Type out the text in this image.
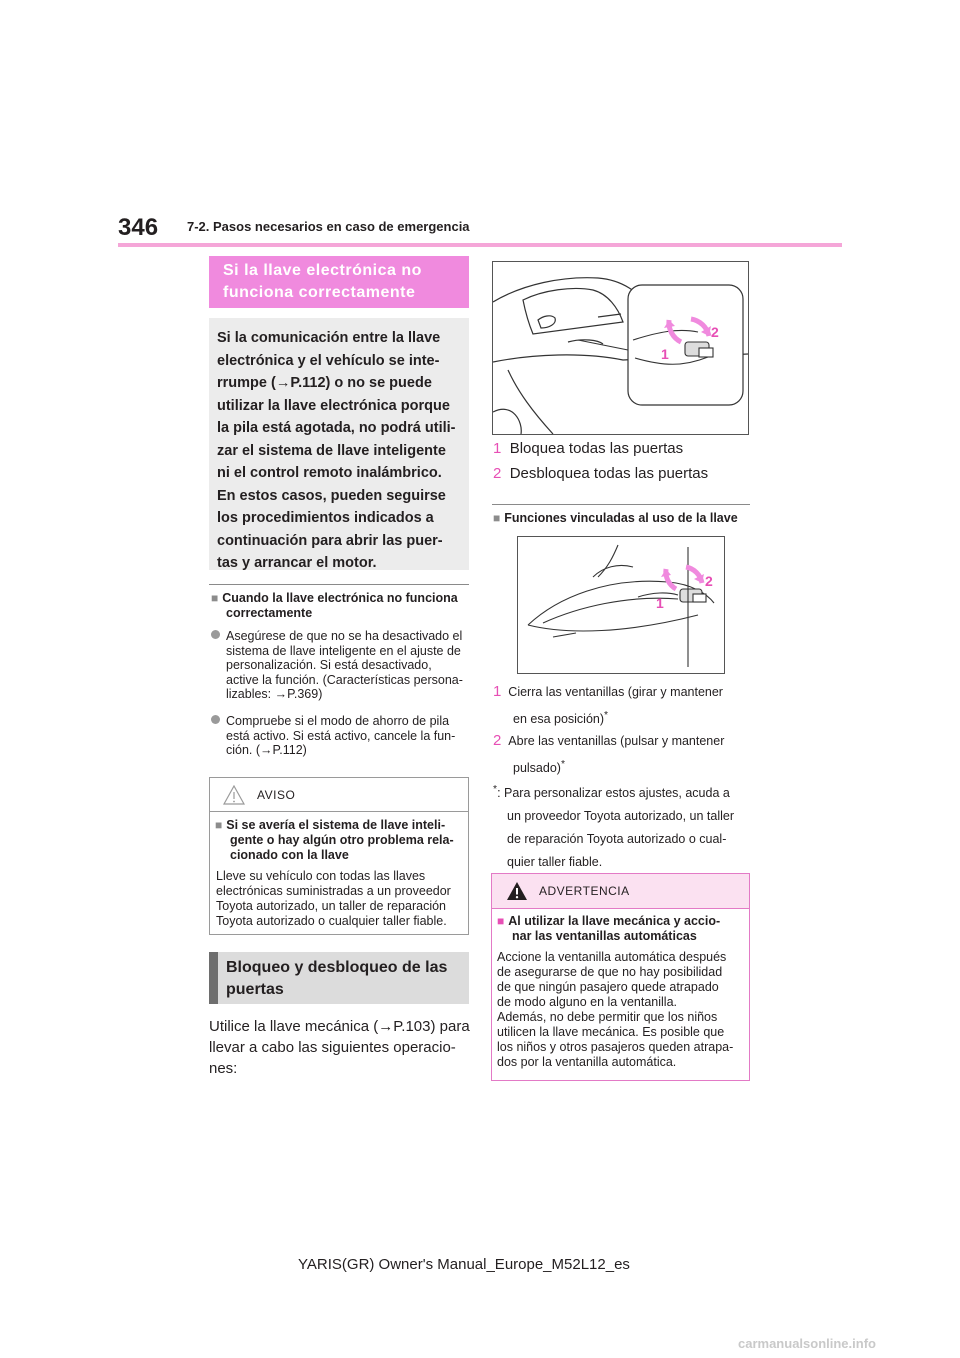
346 7-2. Pasos necesarios en caso de emergencia
Si la llave electrónica no
funciona correctamente
Si la comunicación entre la llave
electrónica y el vehículo se inte-
rrumpe (→P.112) o no se puede
utilizar la llave electrónica porque
la pila está agotada, no podrá utili-
zar el sistema de llave inteligente
ni el control remoto inalámbrico.
En estos casos, pueden seguirse
los procedimientos indicados a
continuación para abrir las puer-
tas y arrancar el motor.
■ Cuando la llave electrónica no funciona
correctamente
Asegúrese de que no se ha desactivado el
sistema de llave inteligente en el ajuste de
personalización. Si está desactivado,
active la función. (Características persona-
lizables: →P.369)
Compruebe si el modo de ahorro de pila
está activo. Si está activo, cancele la fun-
ción. (→P.112)
AVISO
■ Si se avería el sistema de llave inteli-
gente o hay algún otro problema rela-
cionado con la llave
Lleve su vehículo con todas las llaves
electrónicas suministradas a un proveedor
Toyota autorizado, un taller de reparación
Toyota autorizado o cualquier taller fiable.
Bloqueo y desbloqueo de las
puertas
Utilice la llave mecánica (→P.103) para
llevar a cabo las siguientes operacio-
nes:
1
2
1 Bloquea todas las puertas
2 Desbloquea todas las puertas
■ Funciones vinculadas al uso de la llave
1
2
1 Cierra las ventanillas (girar y mantener
en esa posición)*
2 Abre las ventanillas (pulsar y mantener
pulsado)*
*: Para personalizar estos ajustes, acuda a
un proveedor Toyota autorizado, un taller
de reparación Toyota autorizado o cual-
quier taller fiable.
ADVERTENCIA
■ Al utilizar la llave mecánica y accio-
nar las ventanillas automáticas
Accione la ventanilla automática después
de asegurarse de que no hay posibilidad
de que ningún pasajero quede atrapado
de modo alguno en la ventanilla.
Además, no debe permitir que los niños
utilicen la llave mecánica. Es posible que
los niños y otros pasajeros queden atrapa-
dos por la ventanilla automática.
YARIS(GR) Owner's Manual_Europe_M52L12_es
carmanualsonline.info
